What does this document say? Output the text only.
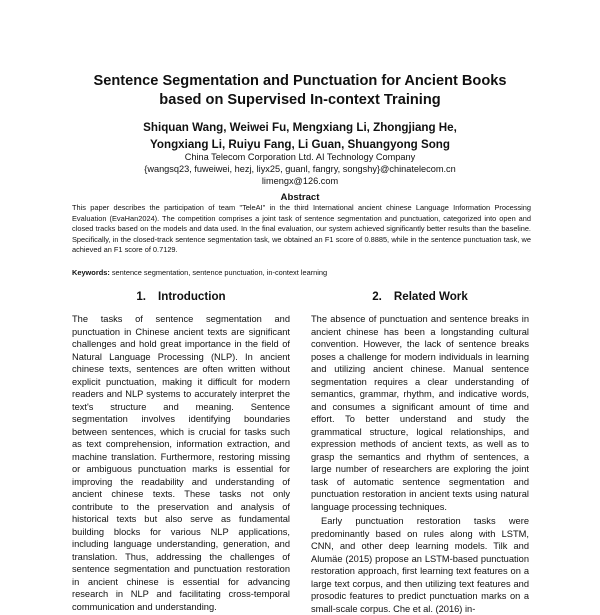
Sentence Segmentation and Punctuation for Ancient Books
based on Supervised In-context Training
Shiquan Wang, Weiwei Fu, Mengxiang Li, Zhongjiang He,
Yongxiang Li, Ruiyu Fang, Li Guan, Shuangyong Song
China Telecom Corporation Ltd. AI Technology Company
{wangsq23, fuweiwei, hezj, liyx25, guanl, fangry, songshy}@chinatelecom.cn
limengx@126.com
Abstract
This paper describes the participation of team "TeleAI" in the third International ancient chinese Language Information Processing Evaluation (EvaHan2024). The competition comprises a joint task of sentence segmentation and punctuation, categorized into open and closed tracks based on the models and data used. In the final evaluation, our system achieved significantly better results than the baseline. Specifically, in the closed-track sentence segmentation task, we obtained an F1 score of 0.8885, while in the sentence punctuation task, we achieved an F1 score of 0.7129.
Keywords: sentence segmentation, sentence punctuation, in-context learning
1. Introduction	2. Related Work

The tasks of sentence segmentation and punctuation in Chinese ancient texts are significant challenges and hold great importance in the field of Natural Language Processing (NLP). In ancient chinese texts, sentences are often written without explicit punctuation, making it difficult for modern readers and NLP systems to accurately interpret the text's structure and meaning. Sentence segmentation involves identifying boundaries between sentences, which is crucial for tasks such as text comprehension, information extraction, and machine translation. Furthermore, restoring missing or ambiguous punctuation marks is essential for improving the readability and understanding of ancient chinese texts. These tasks not only contribute to the preservation and analysis of historical texts but also serve as fundamental building blocks for various NLP applications, including language understanding, generation, and translation. Thus, addressing the challenges of sentence segmentation and punctuation restoration in ancient chinese is essential for advancing research in NLP and facilitating cross-temporal communication and understanding.

The absence of punctuation and sentence breaks in ancient chinese has been a longstanding cultural convention. However, the lack of sentence breaks poses a challenge for modern individuals in learning and utilizing ancient chinese. Manual sentence segmentation requires a clear understanding of semantics, grammar, rhythm, and indicative words, and consumes a significant amount of time and effort. To better understand and study the grammatical structure, logical relationships, and expression methods of ancient texts, as well as to grasp the semantics and rhythm of sentences, a large number of researchers are exploring the joint task of automatic sentence segmentation and punctuation restoration in ancient texts using natural language processing techniques.

Early punctuation restoration tasks were predominantly based on rules along with LSTM, CNN, and other deep learning models. Tilk and Alumäe (2015) propose an LSTM-based punctuation restoration approach, first learning text features on a large text corpus, and then utilizing text features and prosodic features to predict punctuation marks on a small-scale corpus. Che et al. (2016) in-
